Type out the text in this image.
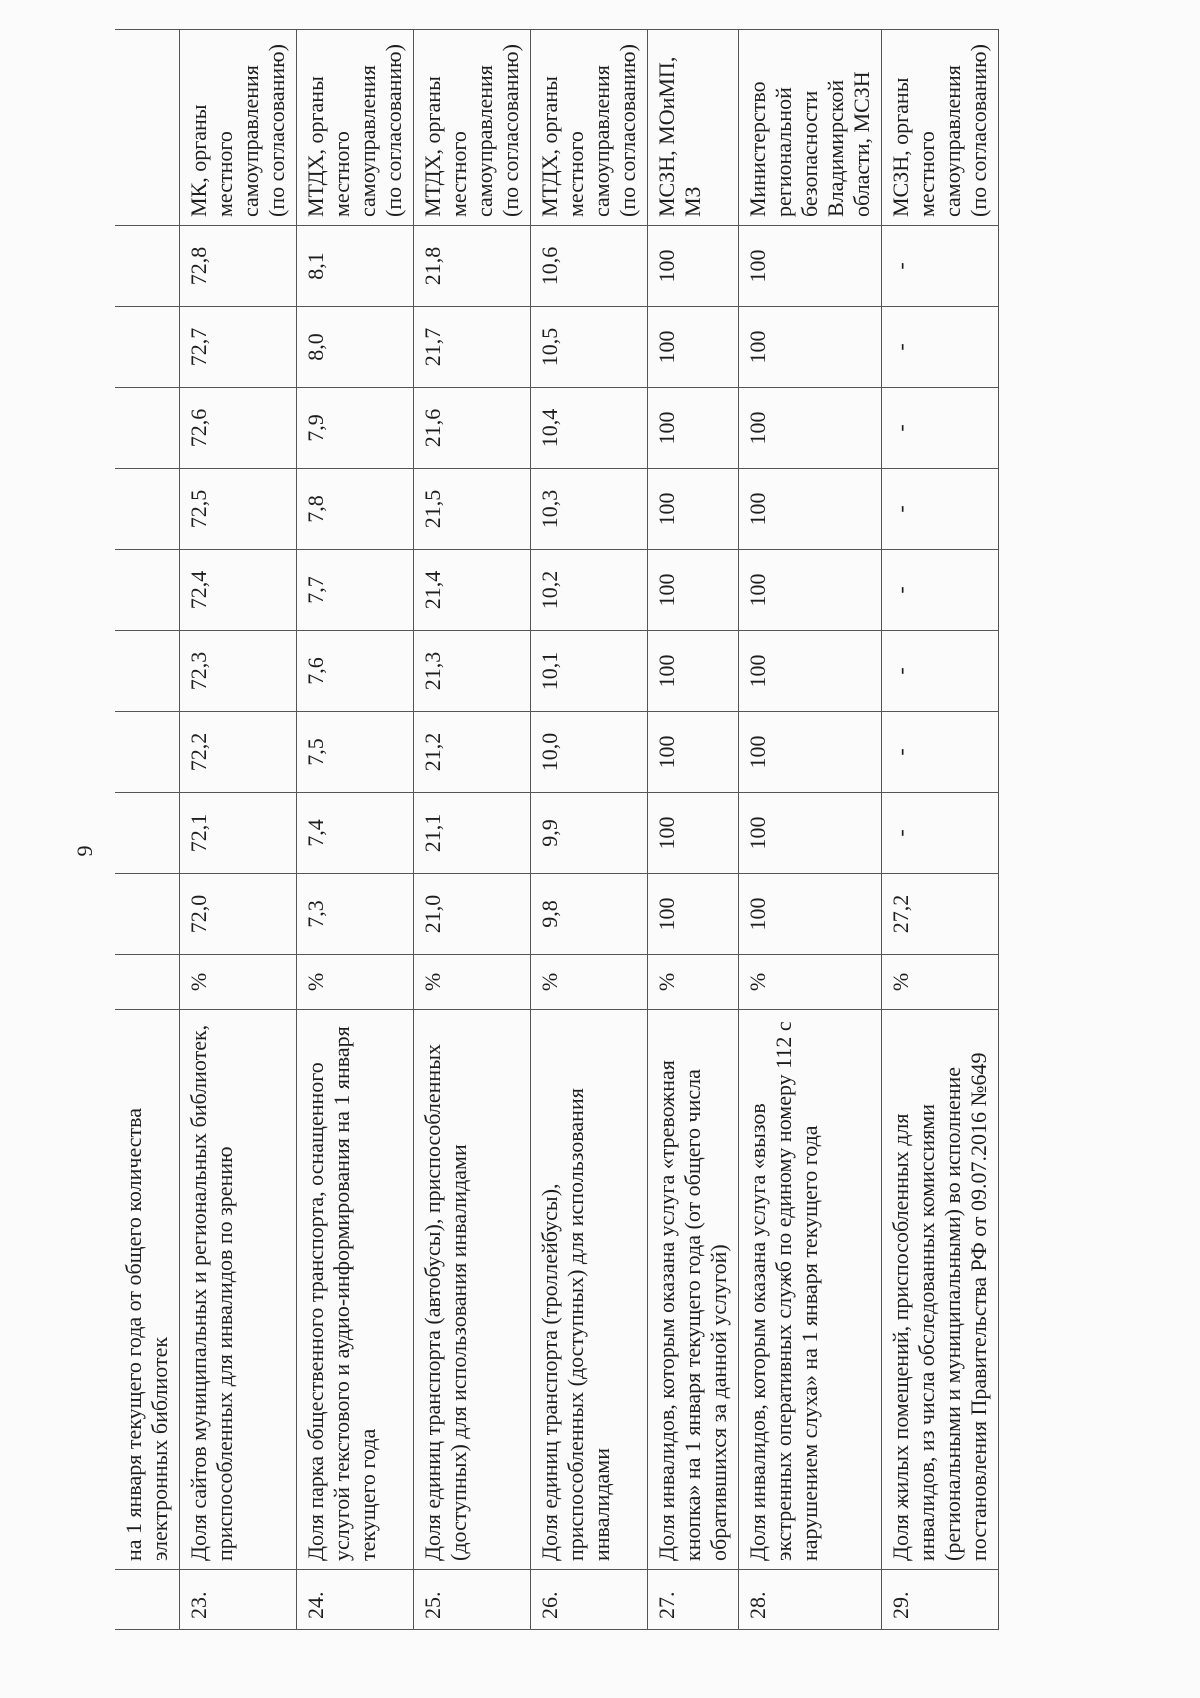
9
	на 1 января текущего года от общего количества электронных библиотек											
23.	Доля сайтов муниципальных и региональных библиотек, приспособленных для инвалидов по зрению	%	72,0	72,1	72,2	72,3	72,4	72,5	72,6	72,7	72,8	МК, органы местного самоуправления (по согласованию)
24.	Доля парка общественного транспорта, оснащенного услугой текстового и аудио-информирования на 1 января текущего года	%	7,3	7,4	7,5	7,6	7,7	7,8	7,9	8,0	8,1	МТДХ, органы местного самоуправления (по согласованию)
25.	Доля единиц транспорта (автобусы), приспособленных (доступных) для использования инвалидами	%	21,0	21,1	21,2	21,3	21,4	21,5	21,6	21,7	21,8	МТДХ, органы местного самоуправления (по согласованию)
26.	Доля единиц транспорта (троллейбусы), приспособленных (доступных) для использования инвалидами	%	9,8	9,9	10,0	10,1	10,2	10,3	10,4	10,5	10,6	МТДХ, органы местного самоуправления (по согласованию)
27.	Доля инвалидов, которым оказана услуга «тревожная кнопка» на 1 января текущего года (от общего числа обратившихся за данной услугой)	%	100	100	100	100	100	100	100	100	100	МСЗН, МОиМП, МЗ
28.	Доля инвалидов, которым оказана услуга «вызов экстренных оперативных служб по единому номеру 112 с нарушением слуха» на 1 января текущего года	%	100	100	100	100	100	100	100	100	100	Министерство региональной безопасности Владимирской области, МСЗН
29.	Доля жилых помещений, приспособленных для инвалидов, из числа обследованных комиссиями (региональными и муниципальными) во исполнение постановления Правительства РФ от 09.07.2016 №649	%	27,2	-	-	-	-	-	-	-	-	МСЗН, органы местного самоуправления (по согласованию)
